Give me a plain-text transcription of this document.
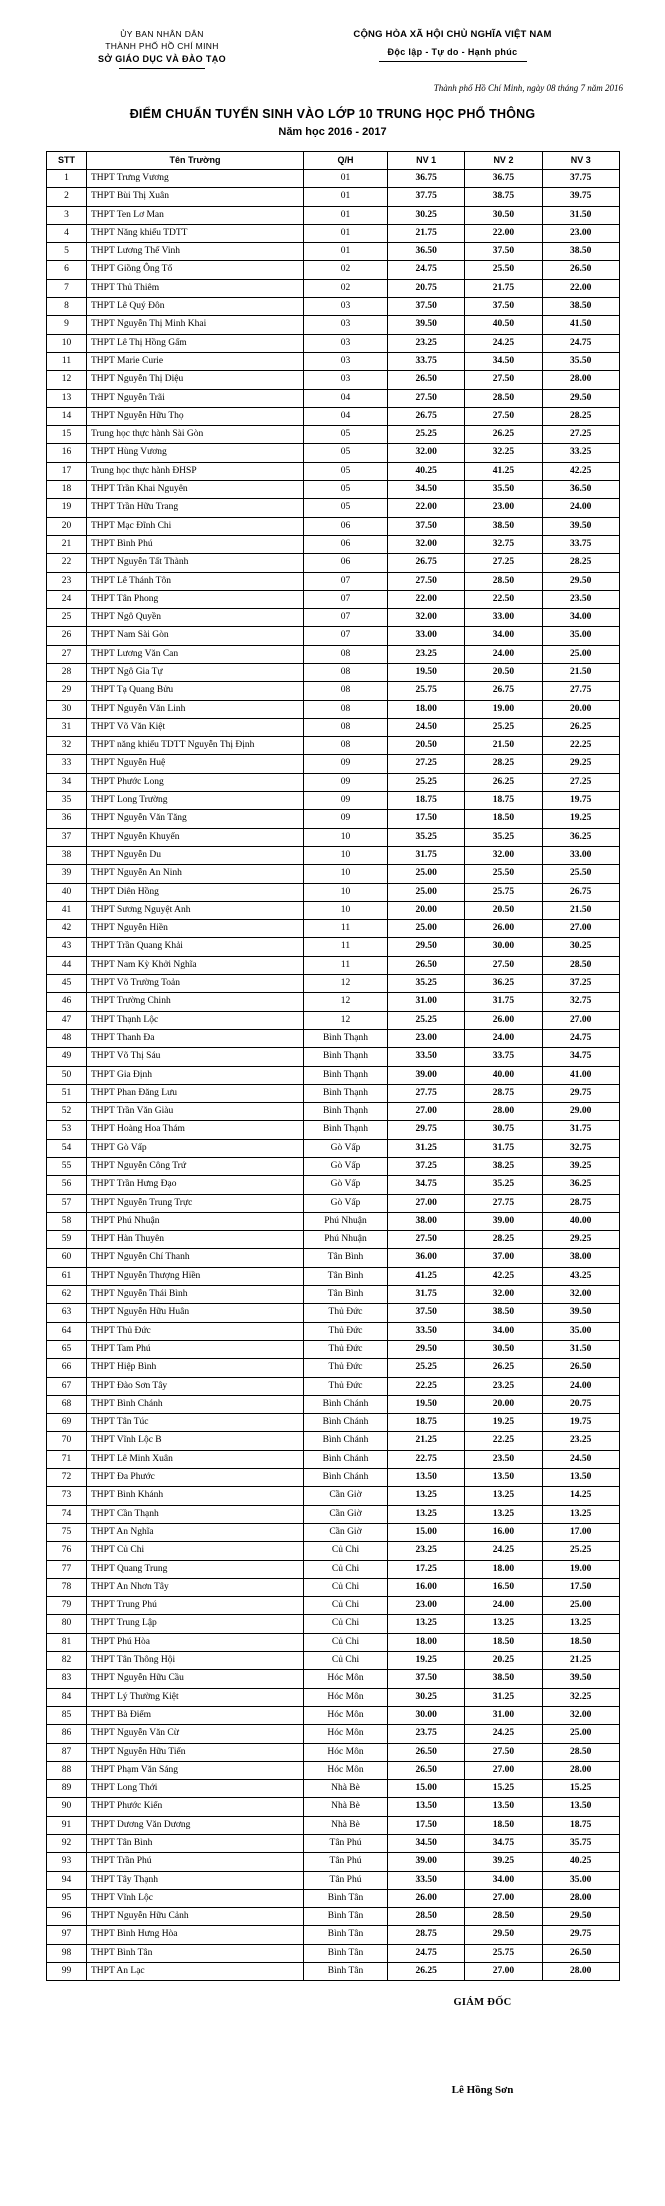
ỦY BAN NHÂN DÂN
THÀNH PHỐ HỒ CHÍ MINH
SỞ GIÁO DỤC VÀ ĐÀO TẠO
CỘNG HÒA XÃ HỘI CHỦ NGHĨA VIỆT NAM
Độc lập - Tự do - Hạnh phúc
Thành phố Hồ Chí Minh, ngày 08 tháng 7 năm 2016
ĐIỂM CHUẨN TUYỂN SINH VÀO LỚP 10 TRUNG HỌC PHỔ THÔNG
Năm học 2016 - 2017
STT	Tên Trường	Q/H	NV 1	NV 2	NV 3
1	THPT Trưng Vương	01	36.75	36.75	37.75
2	THPT Bùi Thị Xuân	01	37.75	38.75	39.75
3	THPT Ten Lơ Man	01	30.25	30.50	31.50
4	THPT Năng khiếu TDTT	01	21.75	22.00	23.00
5	THPT Lương Thế Vinh	01	36.50	37.50	38.50
6	THPT Giồng Ông Tố	02	24.75	25.50	26.50
7	THPT Thủ Thiêm	02	20.75	21.75	22.00
8	THPT Lê Quý Đôn	03	37.50	37.50	38.50
9	THPT Nguyễn Thị Minh Khai	03	39.50	40.50	41.50
10	THPT Lê Thị Hồng Gấm	03	23.25	24.25	24.75
11	THPT Marie Curie	03	33.75	34.50	35.50
12	THPT Nguyễn Thị Diệu	03	26.50	27.50	28.00
13	THPT Nguyễn Trãi	04	27.50	28.50	29.50
14	THPT Nguyễn Hữu Thọ	04	26.75	27.50	28.25
15	Trung học thực hành Sài Gòn	05	25.25	26.25	27.25
16	THPT Hùng Vương	05	32.00	32.25	33.25
17	Trung học thực hành ĐHSP	05	40.25	41.25	42.25
18	THPT Trần Khai Nguyên	05	34.50	35.50	36.50
19	THPT Trần Hữu Trang	05	22.00	23.00	24.00
20	THPT Mạc Đĩnh Chi	06	37.50	38.50	39.50
21	THPT Bình Phú	06	32.00	32.75	33.75
22	THPT Nguyễn Tất Thành	06	26.75	27.25	28.25
23	THPT Lê Thánh Tôn	07	27.50	28.50	29.50
24	THPT Tân Phong	07	22.00	22.50	23.50
25	THPT Ngô Quyền	07	32.00	33.00	34.00
26	THPT Nam Sài Gòn	07	33.00	34.00	35.00
27	THPT Lương Văn Can	08	23.25	24.00	25.00
28	THPT Ngô Gia Tự	08	19.50	20.50	21.50
29	THPT Tạ Quang Bửu	08	25.75	26.75	27.75
30	THPT Nguyễn Văn Linh	08	18.00	19.00	20.00
31	THPT Võ Văn Kiệt	08	24.50	25.25	26.25
32	THPT năng khiếu TDTT Nguyễn Thị Định	08	20.50	21.50	22.25
33	THPT Nguyễn Huệ	09	27.25	28.25	29.25
34	THPT Phước Long	09	25.25	26.25	27.25
35	THPT Long Trường	09	18.75	18.75	19.75
36	THPT Nguyễn Văn Tăng	09	17.50	18.50	19.25
37	THPT Nguyễn Khuyến	10	35.25	35.25	36.25
38	THPT Nguyễn Du	10	31.75	32.00	33.00
39	THPT Nguyễn An Ninh	10	25.00	25.50	25.50
40	THPT Diên Hồng	10	25.00	25.75	26.75
41	THPT Sương Nguyệt Anh	10	20.00	20.50	21.50
42	THPT Nguyễn Hiền	11	25.00	26.00	27.00
43	THPT Trần Quang Khải	11	29.50	30.00	30.25
44	THPT Nam Kỳ Khởi Nghĩa	11	26.50	27.50	28.50
45	THPT Võ Trường Toản	12	35.25	36.25	37.25
46	THPT Trường Chinh	12	31.00	31.75	32.75
47	THPT Thạnh Lộc	12	25.25	26.00	27.00
48	THPT Thanh Đa	Bình Thạnh	23.00	24.00	24.75
49	THPT Võ Thị Sáu	Bình Thạnh	33.50	33.75	34.75
50	THPT Gia Định	Bình Thạnh	39.00	40.00	41.00
51	THPT Phan Đăng Lưu	Bình Thạnh	27.75	28.75	29.75
52	THPT Trần Văn Giàu	Bình Thạnh	27.00	28.00	29.00
53	THPT Hoàng Hoa Thám	Bình Thạnh	29.75	30.75	31.75
54	THPT Gò Vấp	Gò Vấp	31.25	31.75	32.75
55	THPT Nguyễn Công Trứ	Gò Vấp	37.25	38.25	39.25
56	THPT Trần Hưng Đạo	Gò Vấp	34.75	35.25	36.25
57	THPT Nguyễn Trung Trực	Gò Vấp	27.00	27.75	28.75
58	THPT Phú Nhuận	Phú Nhuận	38.00	39.00	40.00
59	THPT Hàn Thuyên	Phú Nhuận	27.50	28.25	29.25
60	THPT Nguyễn Chí Thanh	Tân Bình	36.00	37.00	38.00
61	THPT Nguyễn Thượng Hiền	Tân Bình	41.25	42.25	43.25
62	THPT Nguyễn Thái Bình	Tân Bình	31.75	32.00	32.00
63	THPT Nguyễn Hữu Huân	Thủ Đức	37.50	38.50	39.50
64	THPT Thủ Đức	Thủ Đức	33.50	34.00	35.00
65	THPT Tam Phú	Thủ Đức	29.50	30.50	31.50
66	THPT Hiệp Bình	Thủ Đức	25.25	26.25	26.50
67	THPT Đào Sơn Tây	Thủ Đức	22.25	23.25	24.00
68	THPT Bình Chánh	Bình Chánh	19.50	20.00	20.75
69	THPT Tân Túc	Bình Chánh	18.75	19.25	19.75
70	THPT Vĩnh Lộc B	Bình Chánh	21.25	22.25	23.25
71	THPT Lê Minh Xuân	Bình Chánh	22.75	23.50	24.50
72	THPT Đa Phước	Bình Chánh	13.50	13.50	13.50
73	THPT Bình Khánh	Cần Giờ	13.25	13.25	14.25
74	THPT Cần Thạnh	Cần Giờ	13.25	13.25	13.25
75	THPT An Nghĩa	Cần Giờ	15.00	16.00	17.00
76	THPT Củ Chi	Củ Chi	23.25	24.25	25.25
77	THPT Quang Trung	Củ Chi	17.25	18.00	19.00
78	THPT An Nhơn Tây	Củ Chi	16.00	16.50	17.50
79	THPT Trung Phú	Củ Chi	23.00	24.00	25.00
80	THPT Trung Lập	Củ Chi	13.25	13.25	13.25
81	THPT Phú Hòa	Củ Chi	18.00	18.50	18.50
82	THPT Tân Thông Hội	Củ Chi	19.25	20.25	21.25
83	THPT Nguyễn Hữu Cầu	Hóc Môn	37.50	38.50	39.50
84	THPT Lý Thường Kiệt	Hóc Môn	30.25	31.25	32.25
85	THPT Bà Điểm	Hóc Môn	30.00	31.00	32.00
86	THPT Nguyễn Văn Cừ	Hóc Môn	23.75	24.25	25.00
87	THPT Nguyễn Hữu Tiến	Hóc Môn	26.50	27.50	28.50
88	THPT Phạm Văn Sáng	Hóc Môn	26.50	27.00	28.00
89	THPT Long Thới	Nhà Bè	15.00	15.25	15.25
90	THPT Phước Kiển	Nhà Bè	13.50	13.50	13.50
91	THPT Dương Văn Dương	Nhà Bè	17.50	18.50	18.75
92	THPT Tân Bình	Tân Phú	34.50	34.75	35.75
93	THPT Trần Phú	Tân Phú	39.00	39.25	40.25
94	THPT Tây Thạnh	Tân Phú	33.50	34.00	35.00
95	THPT Vĩnh Lộc	Bình Tân	26.00	27.00	28.00
96	THPT Nguyễn Hữu Cảnh	Bình Tân	28.50	28.50	29.50
97	THPT Bình Hưng Hòa	Bình Tân	28.75	29.50	29.75
98	THPT Bình Tân	Bình Tân	24.75	25.75	26.50
99	THPT An Lạc	Bình Tân	26.25	27.00	28.00
GIÁM ĐỐC
Lê Hồng Sơn
